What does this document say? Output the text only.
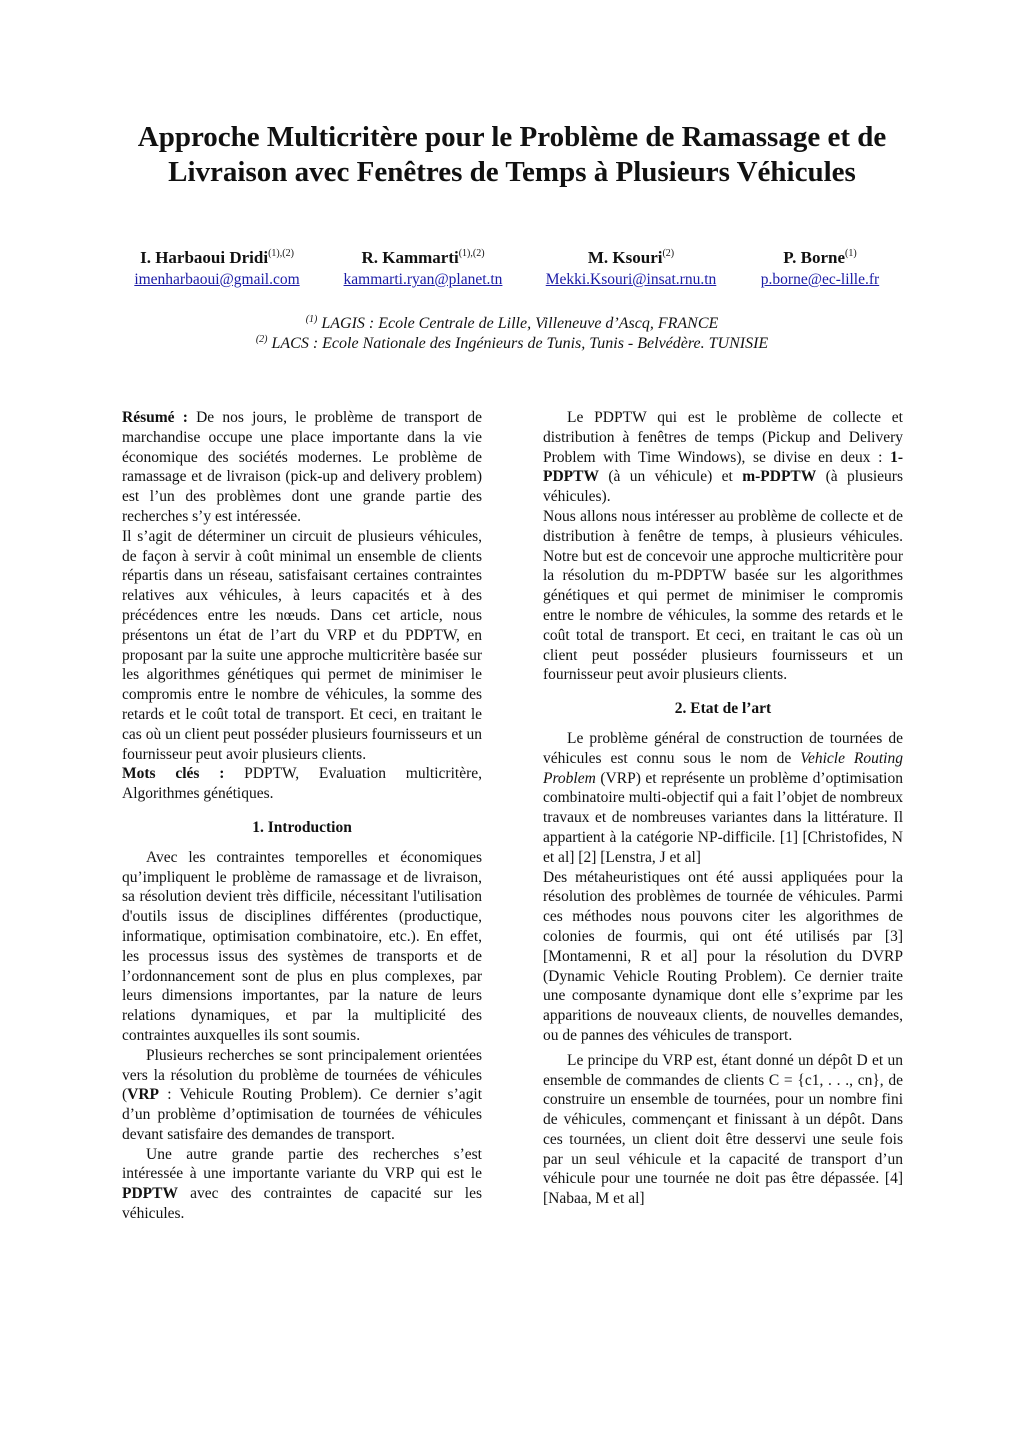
Approche Multicritère pour le Problème de Ramassage et de Livraison avec Fenêtres de Temps à Plusieurs Véhicules
I. Harbaoui Dridi$^{(1),(2)}$
imenharbaoui@gmail.com
R. Kammarti$^{(1),(2)}$
kammarti.ryan@planet.tn
M. Ksouri$^{(2)}$
Mekki.Ksouri@insat.rnu.tn
P. Borne$^{(1)}$
p.borne@ec-lille.fr
$^{(1)}$ LAGIS : Ecole Centrale de Lille, Villeneuve d’Ascq, FRANCE
$^{(2)}$ LACS : Ecole Nationale des Ingénieurs de Tunis, Tunis - Belvédère. TUNISIE

Résumé : De nos jours, le problème de transport de marchandise occupe une place importante dans la vie économique des sociétés modernes. Le problème de ramassage et de livraison (pick-up and delivery problem) est l’un des problèmes dont une grande partie des recherches s’y est intéressée.

Il s’agit de déterminer un circuit de plusieurs véhicules, de façon à servir à coût minimal un ensemble de clients répartis dans un réseau, satisfaisant certaines contraintes relatives aux véhicules, à leurs capacités et à des précédences entre les nœuds. Dans cet article, nous présentons un état de l’art du VRP et du PDPTW, en proposant par la suite une approche multicritère basée sur les algorithmes génétiques qui permet de minimiser le compromis entre le nombre de véhicules, la somme des retards et le coût total de transport. Et ceci, en traitant le cas où un client peut posséder plusieurs fournisseurs et un fournisseur peut avoir plusieurs clients.

Mots clés : PDPTW, Evaluation multicritère, Algorithmes génétiques.

1. Introduction

Avec les contraintes temporelles et économiques qu’impliquent le problème de ramassage et de livraison, sa résolution devient très difficile, nécessitant l'utilisation d'outils issus de disciplines différentes (productique, informatique, optimisation combinatoire, etc.). En effet, les processus issus des systèmes de transports et de l’ordonnancement sont de plus en plus complexes, par leurs dimensions importantes, par la nature de leurs relations dynamiques, et par la multiplicité des contraintes auxquelles ils sont soumis.

Plusieurs recherches se sont principalement orientées vers la résolution du problème de tournées de véhicules (VRP : Vehicule Routing Problem). Ce dernier s’agit d’un problème d’optimisation de tournées de véhicules devant satisfaire des demandes de transport.

Une autre grande partie des recherches s’est intéressée à une importante variante du VRP qui est le PDPTW avec des contraintes de capacité sur les véhicules.

Le PDPTW qui est le problème de collecte et distribution à fenêtres de temps (Pickup and Delivery Problem with Time Windows), se divise en deux : 1-PDPTW (à un véhicule) et m-PDPTW (à plusieurs véhicules).

Nous allons nous intéresser au problème de collecte et de distribution à fenêtre de temps, à plusieurs véhicules. Notre but est de concevoir une approche multicritère pour la résolution du m-PDPTW basée sur les algorithmes génétiques et qui permet de minimiser le compromis entre le nombre de véhicules, la somme des retards et le coût total de transport. Et ceci, en traitant le cas où un client peut posséder plusieurs fournisseurs et un fournisseur peut avoir plusieurs clients.

2. Etat de l’art

Le problème général de construction de tournées de véhicules est connu sous le nom de Vehicle Routing Problem (VRP) et représente un problème d’optimisation combinatoire multi-objectif qui a fait l’objet de nombreux travaux et de nombreuses variantes dans la littérature. Il appartient à la catégorie NP-difficile. [1] [Christofides, N et al] [2] [Lenstra, J et al]

Des métaheuristiques ont été aussi appliquées pour la résolution des problèmes de tournée de véhicules. Parmi ces méthodes nous pouvons citer les algorithmes de colonies de fourmis, qui ont été utilisés par [3] [Montamenni, R et al] pour la résolution du DVRP (Dynamic Vehicle Routing Problem). Ce dernier traite une composante dynamique dont elle s’exprime par les apparitions de nouveaux clients, de nouvelles demandes, ou de pannes des véhicules de transport.

Le principe du VRP est, étant donné un dépôt D et un ensemble de commandes de clients C = {c1, . . ., cn}, de construire un ensemble de tournées, pour un nombre fini de véhicules, commençant et finissant à un dépôt. Dans ces tournées, un client doit être desservi une seule fois par un seul véhicule et la capacité de transport d’un véhicule pour une tournée ne doit pas être dépassée. [4] [Nabaa, M et al]
